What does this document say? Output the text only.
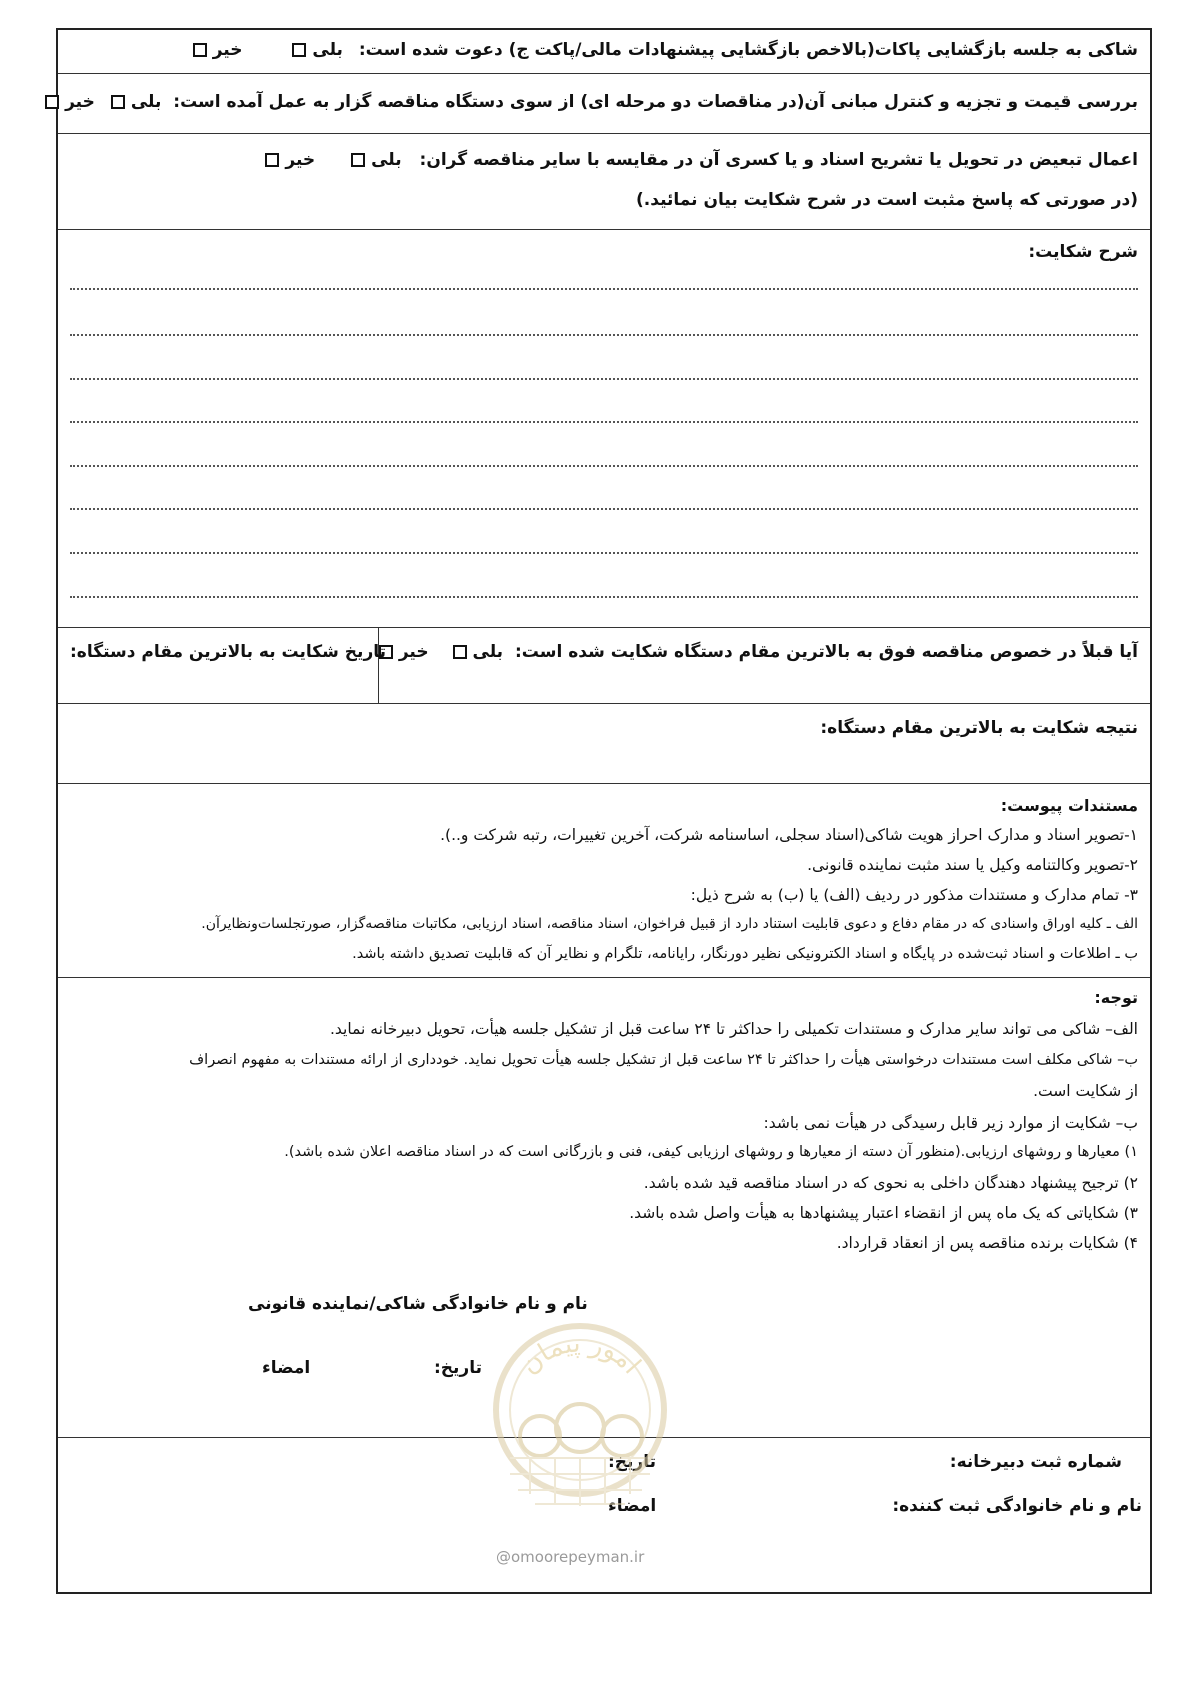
شاکی به جلسه بازگشایی پاکات(بالاخص بازگشایی پیشنهادات مالی/پاکت ج) دعوت شده است:
بلی

خیر
بررسی قیمت و تجزیه و کنترل مبانی آن(در مناقصات دو مرحله ای) از سوی دستگاه مناقصه گزار به عمل آمده است:
بلی

خیر
اعمال تبعیض در تحویل یا تشریح اسناد و یا کسری آن در مقایسه با سایر مناقصه گران:
بلی

خیر
(در صورتی که پاسخ مثبت است در شرح شکایت بیان نمائید.)
شرح شکایت:
آیا قبلاً در خصوص مناقصه فوق به بالاترین مقام دستگاه شکایت شده است:
بلی

خیر
تاریخ شکایت به بالاترین مقام دستگاه:
نتیجه شکایت به بالاترین مقام دستگاه:
مستندات پیوست:
۱-تصویر اسناد و مدارک احراز هویت شاکی(اسناد سجلی، اساسنامه شرکت، آخرین تغییرات، رتبه شرکت و..).
۲-تصویر وکالتنامه وکیل یا سند مثبت نماینده قانونی.
۳- تمام مدارک و مستندات مذکور در ردیف (الف) یا (ب) به شرح ذیل:
الف ـ کلیه اوراق واسنادی که در مقام دفاع و دعوی قابلیت استناد دارد از قبیل فراخوان، اسناد مناقصه، اسناد ارزیابی، مکاتبات مناقصه‌گزار، صورتجلسات‌ونظایرآن.
ب ـ اطلاعات و اسناد ثبت‌شده در پایگاه و اسناد الکترونیکی نظیر دورنگار، رایانامه، تلگرام و نظایر آن که قابلیت تصدیق داشته باشد.
توجه:
الف– شاکی می تواند سایر مدارک و مستندات تکمیلی را حداکثر تا ۲۴ ساعت قبل از تشکیل جلسه هیأت، تحویل دبیرخانه نماید.
ب– شاکی مکلف است مستندات درخواستی هیأت را حداکثر تا ۲۴ ساعت قبل از تشکیل جلسه هیأت تحویل نماید. خودداری از ارائه مستندات به مفهوم انصراف
از شکایت است.
ب– شکایت از موارد زیر قابل رسیدگی در هیأت نمی باشد:
۱) معیارها و روشهای ارزیابی.(منظور آن دسته از معیارها و روشهای ارزیابی کیفی، فنی و بازرگانی است که در اسناد مناقصه اعلان شده باشد).
۲) ترجیح پیشنهاد دهندگان داخلی به نحوی که در اسناد مناقصه قید شده باشد.
۳) شکایاتی که یک ماه پس از انقضاء اعتبار پیشنهادها به هیأت واصل شده باشد.
۴) شکایات برنده مناقصه پس از انعقاد قرارداد.
نام و نام خانوادگی شاکی/نماینده قانونی
تاریخ:
امضاء
شماره ثبت دبیرخانه:
تاریخ:
نام و نام خانوادگی ثبت کننده:
امضاء
امور پیمان
@omoorepeyman.ir
